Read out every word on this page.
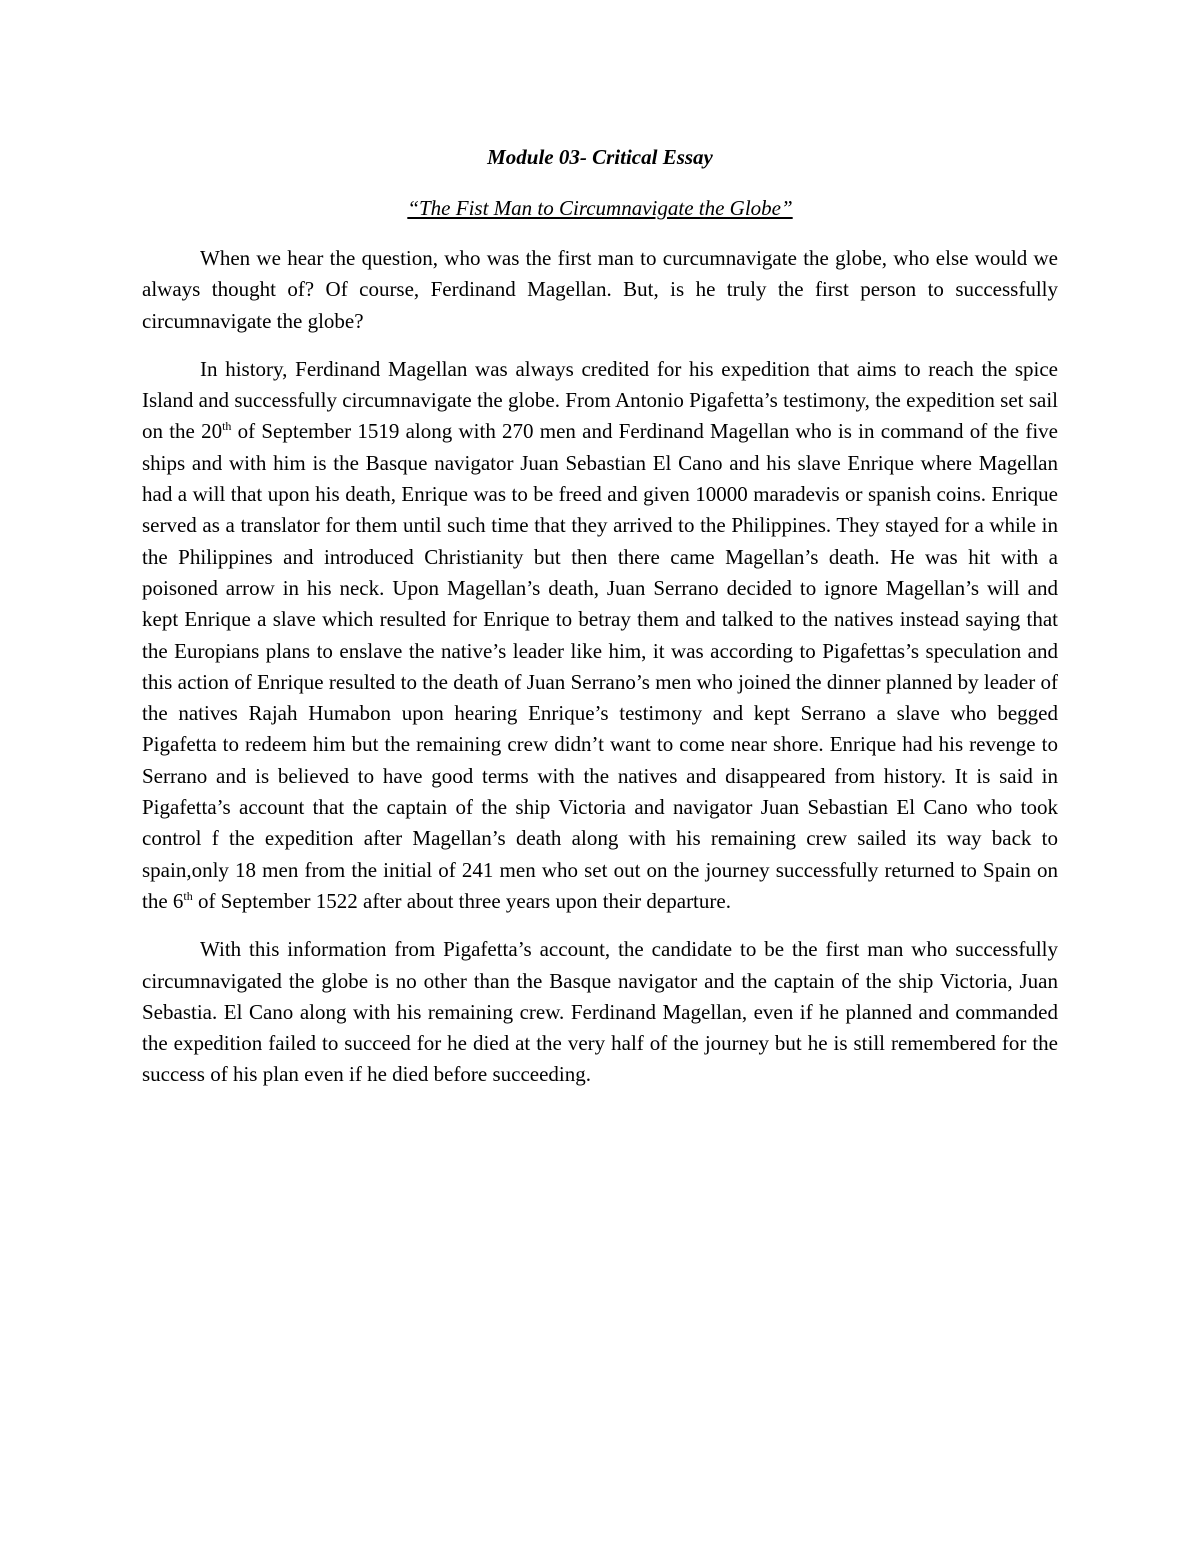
Module 03- Critical Essay
“The Fist Man to Circumnavigate the Globe”

When we hear the question, who was the first man to curcumnavigate the globe, who else would we always thought of? Of course, Ferdinand Magellan. But, is he truly the first person to successfully circumnavigate the globe?

In history, Ferdinand Magellan was always credited for his expedition that aims to reach the spice Island and successfully circumnavigate the globe. From Antonio Pigafetta’s testimony, the expedition set sail on the 20th of September 1519 along with 270 men and Ferdinand Magellan who is in command of the five ships and with him is the Basque navigator Juan Sebastian El Cano and his slave Enrique where Magellan had a will that upon his death, Enrique was to be freed and given 10000 maradevis or spanish coins. Enrique served as a translator for them until such time that they arrived to the Philippines. They stayed for a while in the Philippines and introduced Christianity but then there came Magellan’s death. He was hit with a poisoned arrow in his neck. Upon Magellan’s death, Juan Serrano decided to ignore Magellan’s will and kept Enrique a slave which resulted for Enrique to betray them and talked to the natives instead saying that the Europians plans to enslave the native’s leader like him, it was according to Pigafettas’s speculation and this action of Enrique resulted to the death of Juan Serrano’s men who joined the dinner planned by leader of the natives Rajah Humabon upon hearing Enrique’s testimony and kept Serrano a slave who begged Pigafetta to redeem him but the remaining crew didn’t want to come near shore. Enrique had his revenge to Serrano and is believed to have good terms with the natives and disappeared from history. It is said in Pigafetta’s account that the captain of the ship Victoria and navigator Juan Sebastian El Cano who took control f the expedition after Magellan’s death along with his remaining crew sailed its way back to spain,only 18 men from the initial of 241 men who set out on the journey successfully returned to Spain on the 6th of September 1522 after about three years upon their departure.

With this information from Pigafetta’s account, the candidate to be the first man who successfully circumnavigated the globe is no other than the Basque navigator and the captain of the ship Victoria, Juan Sebastia. El Cano along with his remaining crew. Ferdinand Magellan, even if he planned and commanded the expedition failed to succeed for he died at the very half of the journey but he is still remembered for the success of his plan even if he died before succeeding.
